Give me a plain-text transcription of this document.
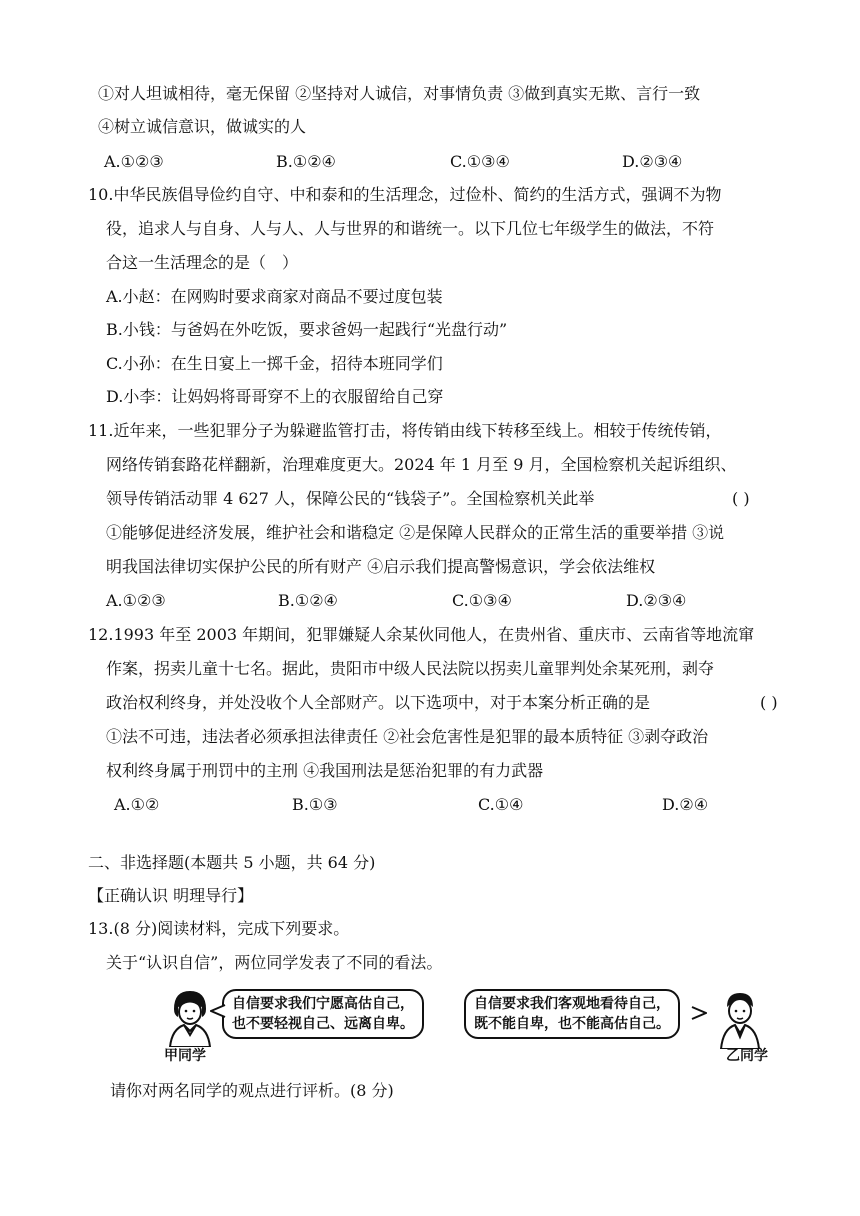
①对人坦诚相待，毫无保留 ②坚持对人诚信，对事情负责 ③做到真实无欺、言行一致
④树立诚信意识，做诚实的人
A.①②③	B.①②④	C.①③④	D.②③④
10.中华民族倡导俭约自守、中和泰和的生活理念，过俭朴、简约的生活方式，强调不为物
役，追求人与自身、人与人、人与世界的和谐统一。以下几位七年级学生的做法，不符
合这一生活理念的是（　）
A.小赵：在网购时要求商家对商品不要过度包装
B.小钱：与爸妈在外吃饭，要求爸妈一起践行“光盘行动”
C.小孙：在生日宴上一掷千金，招待本班同学们
D.小李：让妈妈将哥哥穿不上的衣服留给自己穿
11.近年来，一些犯罪分子为躲避监管打击，将传销由线下转移至线上。相较于传统传销，
网络传销套路花样翻新，治理难度更大。2024 年 1 月至 9 月，全国检察机关起诉组织、
领导传销活动罪 4 627 人，保障公民的“钱袋子”。全国检察机关此举	( )
①能够促进经济发展，维护社会和谐稳定 ②是保障人民群众的正常生活的重要举措 ③说
明我国法律切实保护公民的所有财产 ④启示我们提高警惕意识，学会依法维权
A.①②③	B.①②④	C.①③④	D.②③④
12.1993 年至 2003 年期间，犯罪嫌疑人余某伙同他人，在贵州省、重庆市、云南省等地流窜
作案，拐卖儿童十七名。据此，贵阳市中级人民法院以拐卖儿童罪判处余某死刑，剥夺
政治权利终身，并处没收个人全部财产。以下选项中，对于本案分析正确的是	( )
①法不可违，违法者必须承担法律责任 ②社会危害性是犯罪的最本质特征 ③剥夺政治
权利终身属于刑罚中的主刑 ④我国刑法是惩治犯罪的有力武器
A.①②	B.①③	C.①④	D.②④
二、非选择题(本题共 5 小题，共 64 分)
【正确认识 明理导行】
13.(8 分)阅读材料，完成下列要求。
关于“认识自信”，两位同学发表了不同的看法。
甲同学
自信要求我们宁愿高估自己，
也不要轻视自己、远离自卑。
自信要求我们客观地看待自己，
既不能自卑，也不能高估自己。
乙同学
请你对两名同学的观点进行评析。(8 分)
